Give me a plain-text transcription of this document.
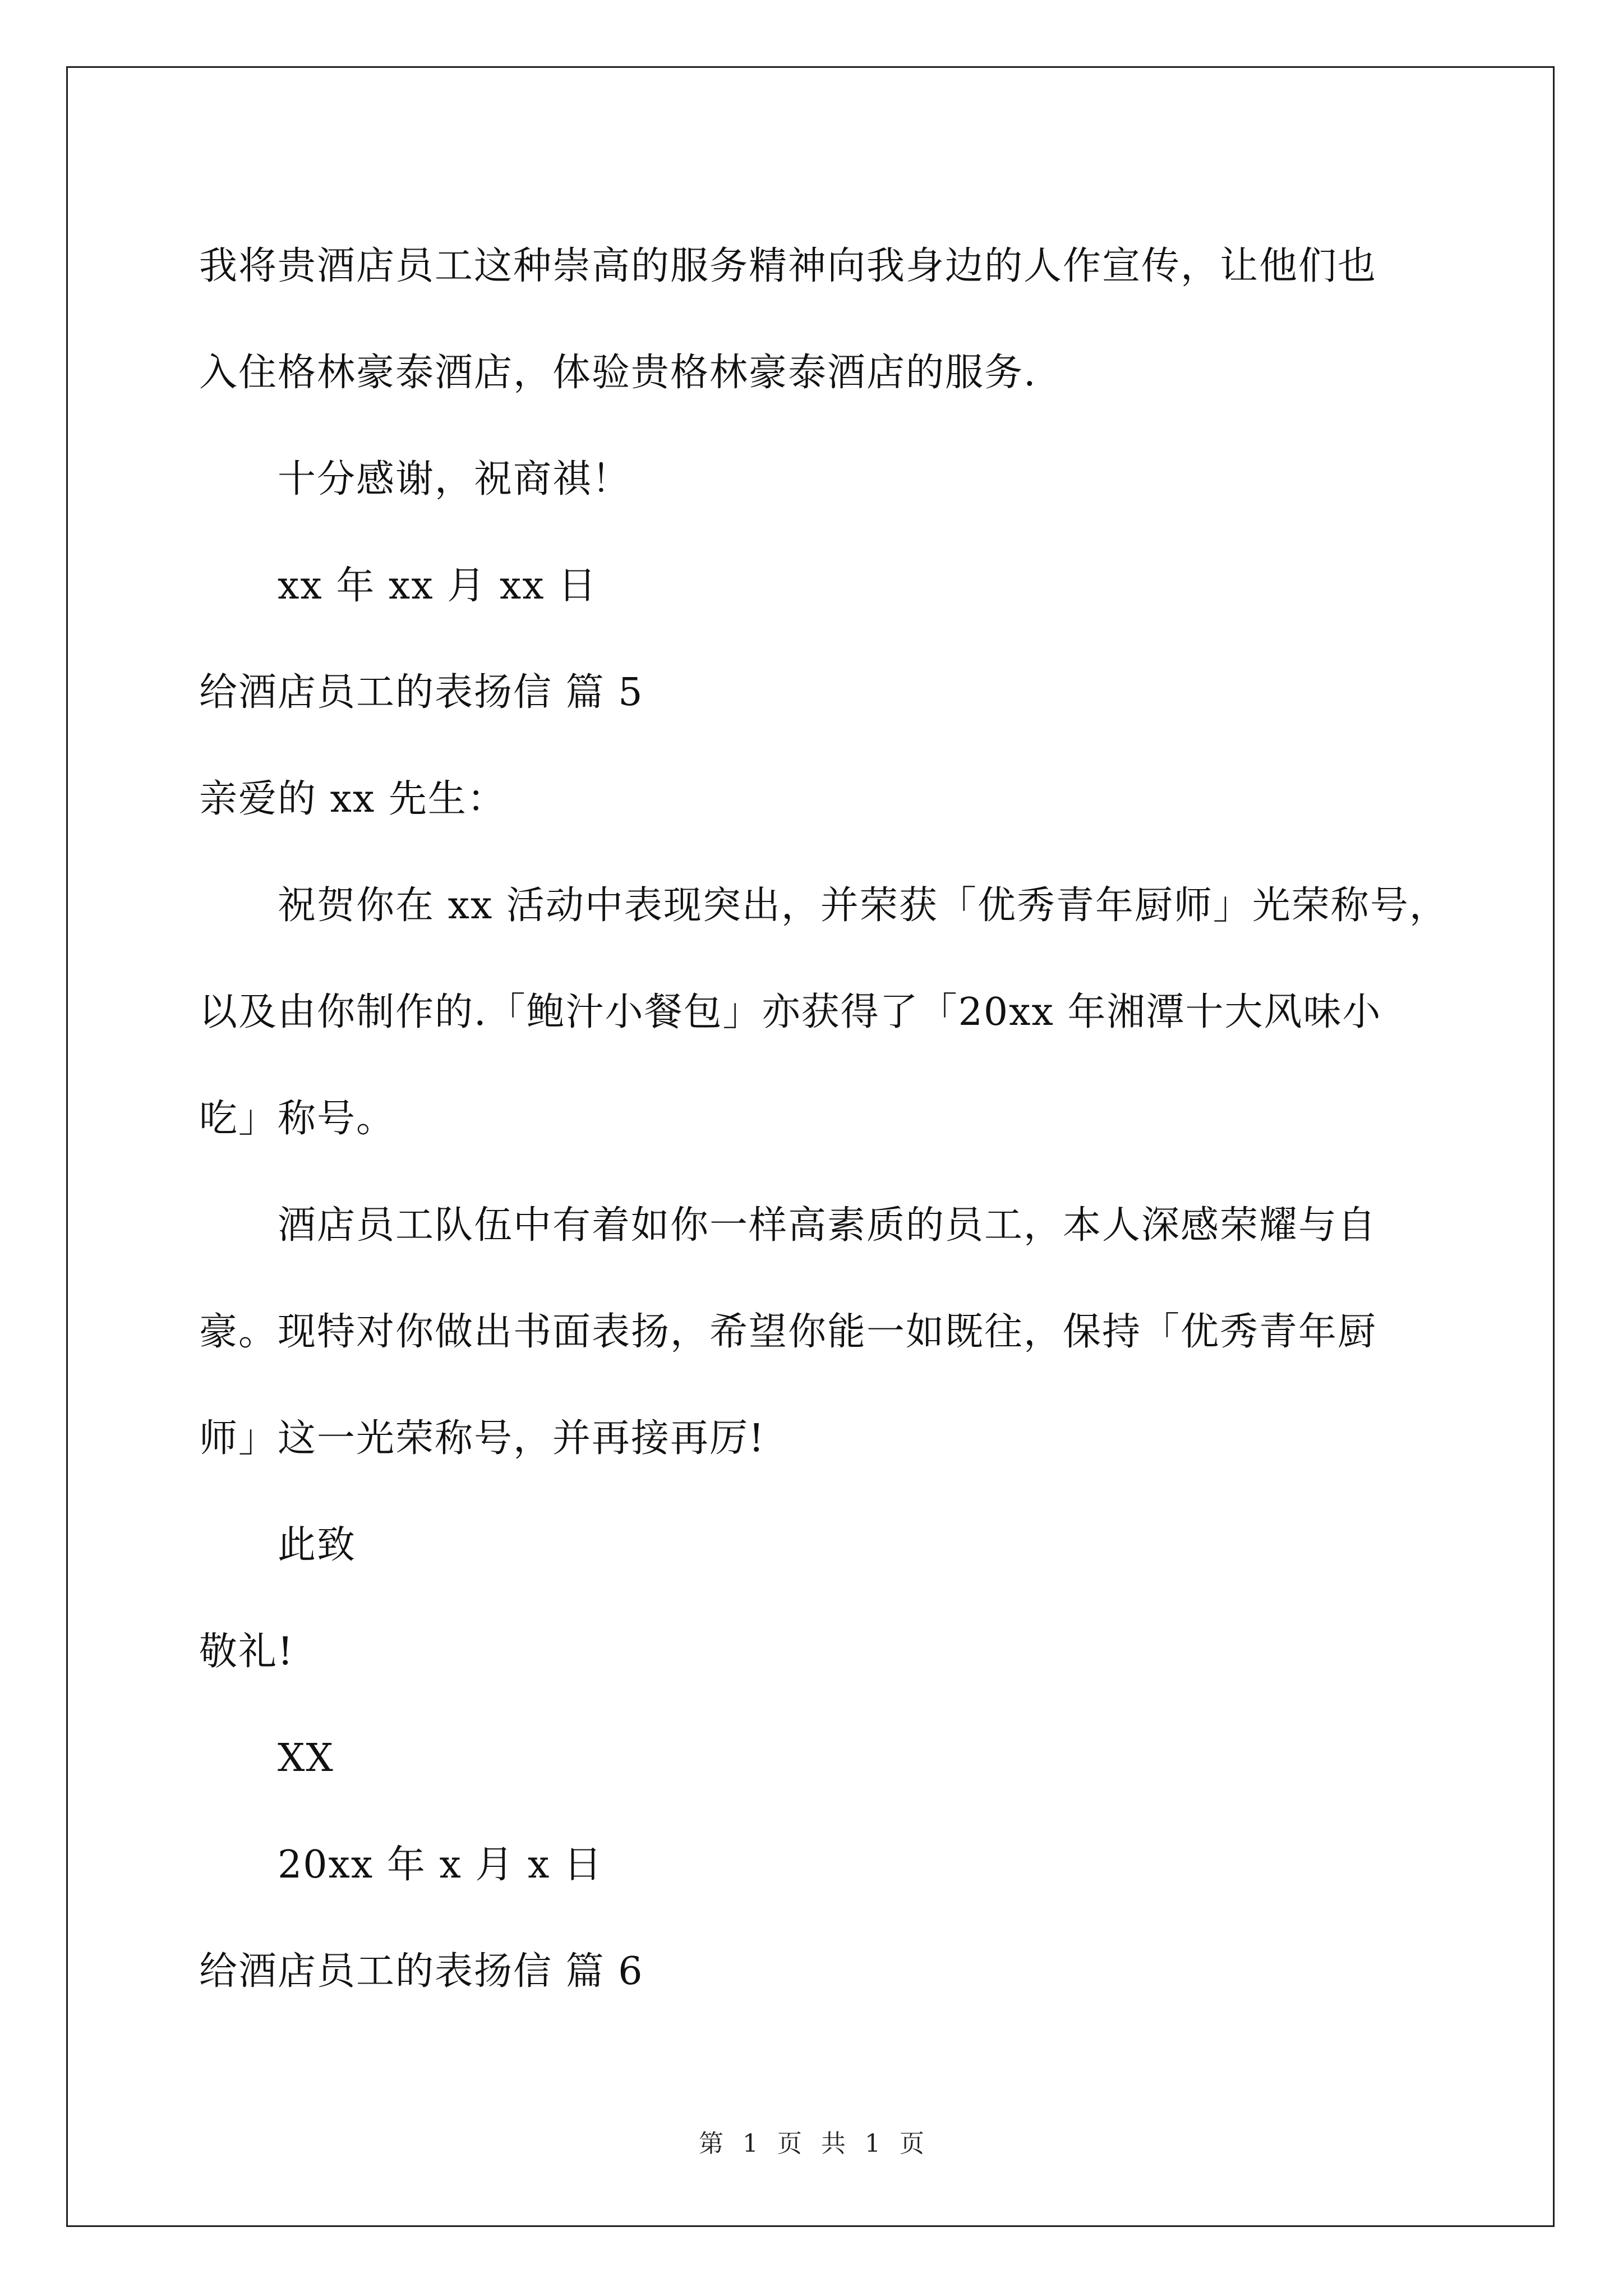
我将贵酒店员工这种崇高的服务精神向我身边的人作宣传，让他们也
入住格林豪泰酒店，体验贵格林豪泰酒店的服务.
十分感谢，祝商祺！
xx 年 xx 月 xx 日
给酒店员工的表扬信 篇 5
亲爱的 xx 先生：
祝贺你在 xx 活动中表现突出，并荣获「优秀青年厨师」光荣称号，
以及由你制作的.「鲍汁小餐包」亦获得了「20xx 年湘潭十大风味小
吃」称号。
酒店员工队伍中有着如你一样高素质的员工，本人深感荣耀与自
豪。现特对你做出书面表扬，希望你能一如既往，保持「优秀青年厨
师」这一光荣称号，并再接再厉!
此致
敬礼!
XX
20xx 年 x 月 x 日
给酒店员工的表扬信 篇 6
第 1 页 共 1 页
